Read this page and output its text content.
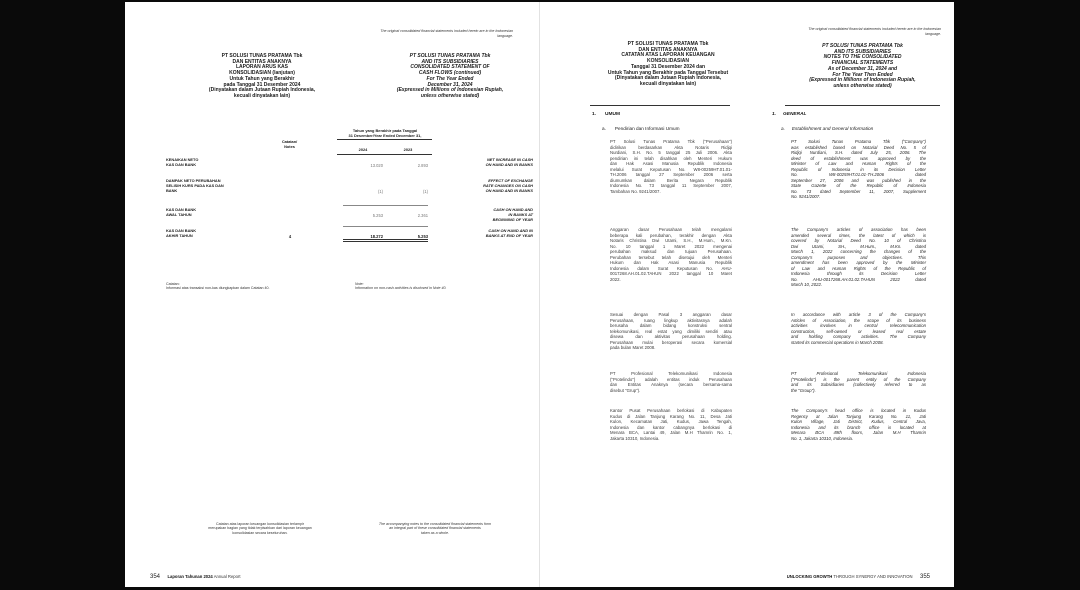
The original consolidated financial statements included herein are in the Indonesian language.
PT SOLUSI TUNAS PRATAMA Tbk
DAN ENTITAS ANAKNYA
LAPORAN ARUS KAS
KONSOLIDASIAN (lanjutan)
Untuk Tahun yang Berakhir
pada Tanggal 31 Desember 2024
(Dinyatakan dalam Jutaan Rupiah Indonesia,
kecuali dinyatakan lain)
PT SOLUSI TUNAS PRATAMA Tbk
AND ITS SUBSIDIARIES
CONSOLIDATED STATEMENT OF
CASH FLOWS (continued)
For The Year Ended
December 31, 2024
(Expressed in Millions of Indonesian Rupiah,
unless otherwise stated)
Tahun yang Berakhir pada Tanggal
31 Desember/Year Ended December 31,
Catatan/
Notes
2024	2023
KENAIKAN NETO
KAS DAN BANK	13.020	2.893
NET INCREASE IN CASH
ON HAND AND IN BANKS
DAMPAK NETO PERUBAHAN
SELISIH KURS PADA KAS DAN
BANK	(1)	(1)
EFFECT OF EXCHANGE
RATE CHANGES ON CASH
ON HAND AND IN BANKS
KAS DAN BANK
AWAL TAHUN	5.253	2.361
CASH ON HAND AND
IN BANKS AT
BEGINNING OF YEAR
KAS DAN BANK
AKHIR TAHUN	4	18.272	5.253
CASH ON HAND AND IN
BANKS AT END OF YEAR
Catatan:
Informasi atas transaksi non-kas diungkapkan dalam Catatan 40.
Note:
Information on non-cash activities is disclosed in Note 40.
Catatan atas laporan keuangan konsolidasian terlampir
merupakan bagian yang tidak terpisahkan dari laporan keuangan
konsolidasian secara keseluruhan.
The accompanying notes to the consolidated financial statements form
an integral part of these consolidated financial statements
taken as a whole.
354 Laporan Tahunan 2024 Annual Report
The original consolidated financial statements included herein are in the Indonesian language.
PT SOLUSI TUNAS PRATAMA Tbk
DAN ENTITAS ANAKNYA
CATATAN ATAS LAPORAN KEUANGAN
KONSOLIDASIAN
Tanggal 31 Desember 2024 dan
Untuk Tahun yang Berakhir pada Tanggal Tersebut
(Dinyatakan dalam Jutaan Rupiah Indonesia,
kecuali dinyatakan lain)
PT SOLUSI TUNAS PRATAMA Tbk
AND ITS SUBSIDIARIES
NOTES TO THE CONSOLIDATED
FINANCIAL STATEMENTS
As of December 31, 2024 and
For The Year Then Ended
(Expressed in Millions of Indonesian Rupiah,
unless otherwise stated)
1. UMUM	1. GENERAL
a. Pendirian dan Informasi Umum	a. Establishment and General Information
PT Solusi Tunas Pratama Tbk ("Perusahaan")
didirikan berdasarkan Akta Notaris Ridjqi
Nurdiani, S.H. No. 5 tanggal 25 Juli 2006. Akta
pendirian ini telah disahkan oleh Menteri Hukum
dan Hak Asasi Manusia Republik Indonesia
melalui Surat Keputusan No. W8-00259HT.01.01-
TH.2006 tanggal 27 September 2006 serta
diumumkan dalam Berita Negara Republik
Indonesia No. 73 tanggal 11 September 2007,
Tambahan No. 9241/2007.
Anggaran dasar Perusahaan telah mengalami
beberapa kali perubahan, terakhir dengan Akta
Notaris Christina Dwi Utami, S.H., M.Hum., M.Kn.
No. 10 tanggal 1 Maret 2022 mengenai
perubahan maksud dan tujuan Perusahaan.
Perubahan tersebut telah disetujui oleh Menteri
Hukum dan Hak Asasi Manusia Republik
Indonesia dalam Surat Keputusan No. AHU-
0017268.AH.01.02.TAHUN 2022 tanggal 10 Maret
2022.
Sesuai dengan Pasal 3 anggaran dasar
Perusahaan, ruang lingkup aktivitasnya adalah
berusaha dalam bidang konstruksi sentral
telekomunikasi, real estat yang dimiliki sendiri atau
disewa dan aktivitas perusahaan holding.
Perusahaan mulai beroperasi secara komersial
pada bulan Maret 2008.
PT Profesional Telekomunikasi Indonesia
("Protelindo") adalah entitas induk Perusahaan
dan Entitas Anaknya (secara bersama-sama
disebut "Grup").
Kantor Pusat Perusahaan berlokasi di Kabupaten
Kudus di Jalan Tanjung Karang No. 11, Desa Jati
Kulon, Kecamatan Jati, Kudus, Jawa Tengah,
Indonesia dan kantor cabangnya berlokasi di
Menara BCA, Lantai 49, Jalan M.H Thamrin No. 1,
Jakarta 10310, Indonesia.
PT Solusi Tunas Pratama Tbk ("Company")
was established based on Notarial Deed No. 5 of
Ridjqi Nurdiani, S.H. dated July 25, 2006. The
deed of establishment was approved by the
Minister of Law and Human Rights of the
Republic of Indonesia in its Decision Letter
No. W8-00259HT.01.01-TH.2006 dated
September 27, 2006 and was published in the
State Gazette of the Republic of Indonesia
No. 73 dated September 11, 2007, Supplement
No. 9241/2007.
The Company's articles of association has been
amended several times, the latest of which is
covered by Notarial Deed No. 10 of Christina
Dwi Utami, SH., M.Hum., M.Kn. dated
March 1, 2022 concerning the changes of the
Company's purposes and objectives. This
amendment has been approved by the Minister
of Law and Human Rights of the Republic of
Indonesia through its Decision Letter
No. AHU-0017268.AH.01.02.TAHUN 2022 dated
March 10, 2022.
In accordance with article 3 of the Company's
Articles of Association, the scope of its business
activities involves in central telecommunication
construction, self-owned or leased real estate
and holding company activities. The Company
started its commercial operations in March 2008.
PT Profesional Telekomunikasi Indonesia
("Protelindo") is the parent entity of the Company
and its Subsidiaries (collectively referred to as
the "Group").
The Company's head office is located in Kudus
Regency at Jalan Tanjung Karang No. 11, Jati
Kulon Village, Jati District, Kudus, Central Java,
Indonesia and its branch office is located at
Menara BCA 49th floors, Jalan M.H Thamrin
No. 1, Jakarta 10310, Indonesia.
UNLOCKING GROWTH THROUGH SYNERGY AND INNOVATION 355
